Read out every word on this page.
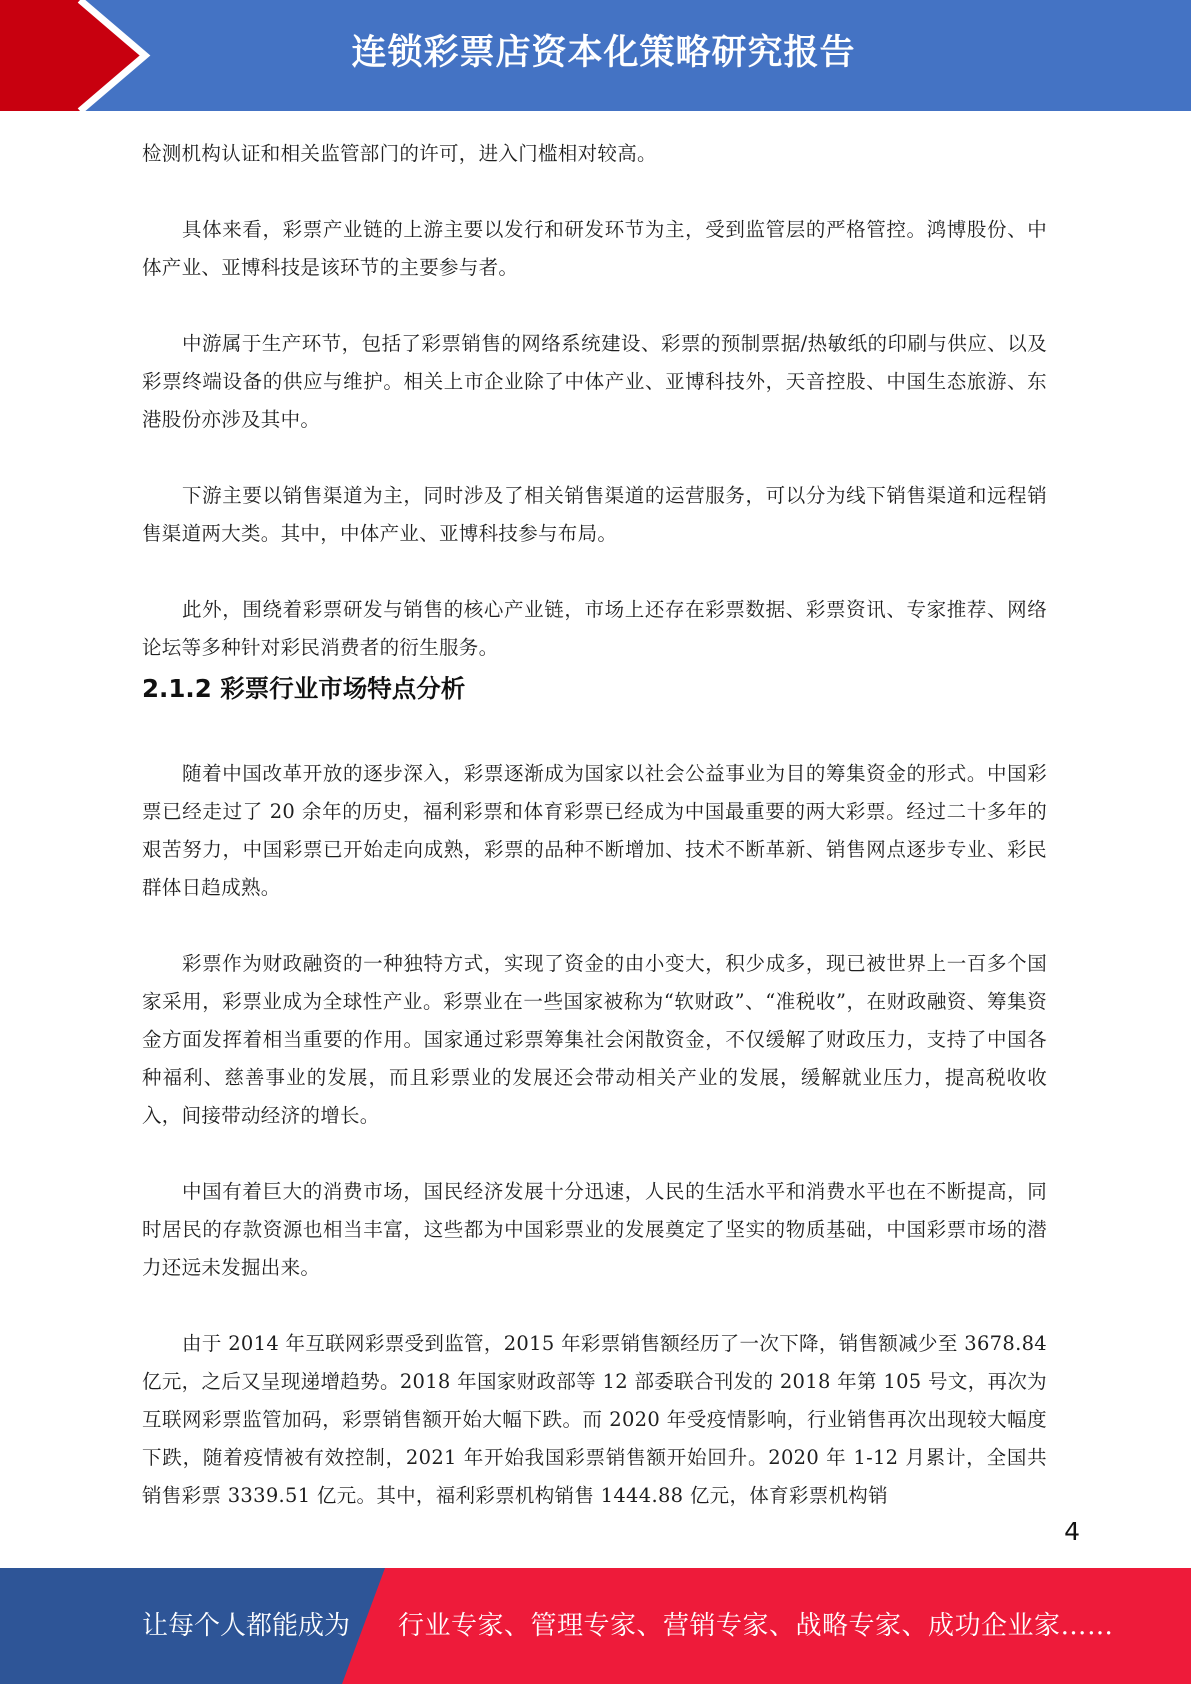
连锁彩票店资本化策略研究报告

检测机构认证和相关监管部门的许可，进入门槛相对较高。

具体来看，彩票产业链的上游主要以发行和研发环节为主，受到监管层的严格管控。鸿博股份、中体产业、亚博科技是该环节的主要参与者。

中游属于生产环节，包括了彩票销售的网络系统建设、彩票的预制票据/热敏纸的印刷与供应、以及彩票终端设备的供应与维护。相关上市企业除了中体产业、亚博科技外，天音控股、中国生态旅游、东港股份亦涉及其中。

下游主要以销售渠道为主，同时涉及了相关销售渠道的运营服务，可以分为线下销售渠道和远程销售渠道两大类。其中，中体产业、亚博科技参与布局。

此外，围绕着彩票研发与销售的核心产业链，市场上还存在彩票数据、彩票资讯、专家推荐、网络论坛等多种针对彩民消费者的衍生服务。

2.1.2 彩票行业市场特点分析

随着中国改革开放的逐步深入，彩票逐渐成为国家以社会公益事业为目的筹集资金的形式。中国彩票已经走过了 20 余年的历史，福利彩票和体育彩票已经成为中国最重要的两大彩票。经过二十多年的艰苦努力，中国彩票已开始走向成熟，彩票的品种不断增加、技术不断革新、销售网点逐步专业、彩民群体日趋成熟。

彩票作为财政融资的一种独特方式，实现了资金的由小变大，积少成多，现已被世界上一百多个国家采用，彩票业成为全球性产业。彩票业在一些国家被称为“软财政”、“准税收”，在财政融资、筹集资金方面发挥着相当重要的作用。国家通过彩票筹集社会闲散资金，不仅缓解了财政压力，支持了中国各种福利、慈善事业的发展，而且彩票业的发展还会带动相关产业的发展，缓解就业压力，提高税收收入，间接带动经济的增长。

中国有着巨大的消费市场，国民经济发展十分迅速，人民的生活水平和消费水平也在不断提高，同时居民的存款资源也相当丰富，这些都为中国彩票业的发展奠定了坚实的物质基础，中国彩票市场的潜力还远未发掘出来。

由于 2014 年互联网彩票受到监管，2015 年彩票销售额经历了一次下降，销售额减少至 3678.84 亿元，之后又呈现递增趋势。2018 年国家财政部等 12 部委联合刊发的 2018 年第 105 号文，再次为互联网彩票监管加码，彩票销售额开始大幅下跌。而 2020 年受疫情影响，行业销售再次出现较大幅度下跌，随着疫情被有效控制，2021 年开始我国彩票销售额开始回升。2020 年 1-12 月累计，全国共销售彩票 3339.51 亿元。其中，福利彩票机构销售 1444.88 亿元，体育彩票机构销

4
让每个人都能成为 行业专家、管理专家、营销专家、战略专家、成功企业家……
